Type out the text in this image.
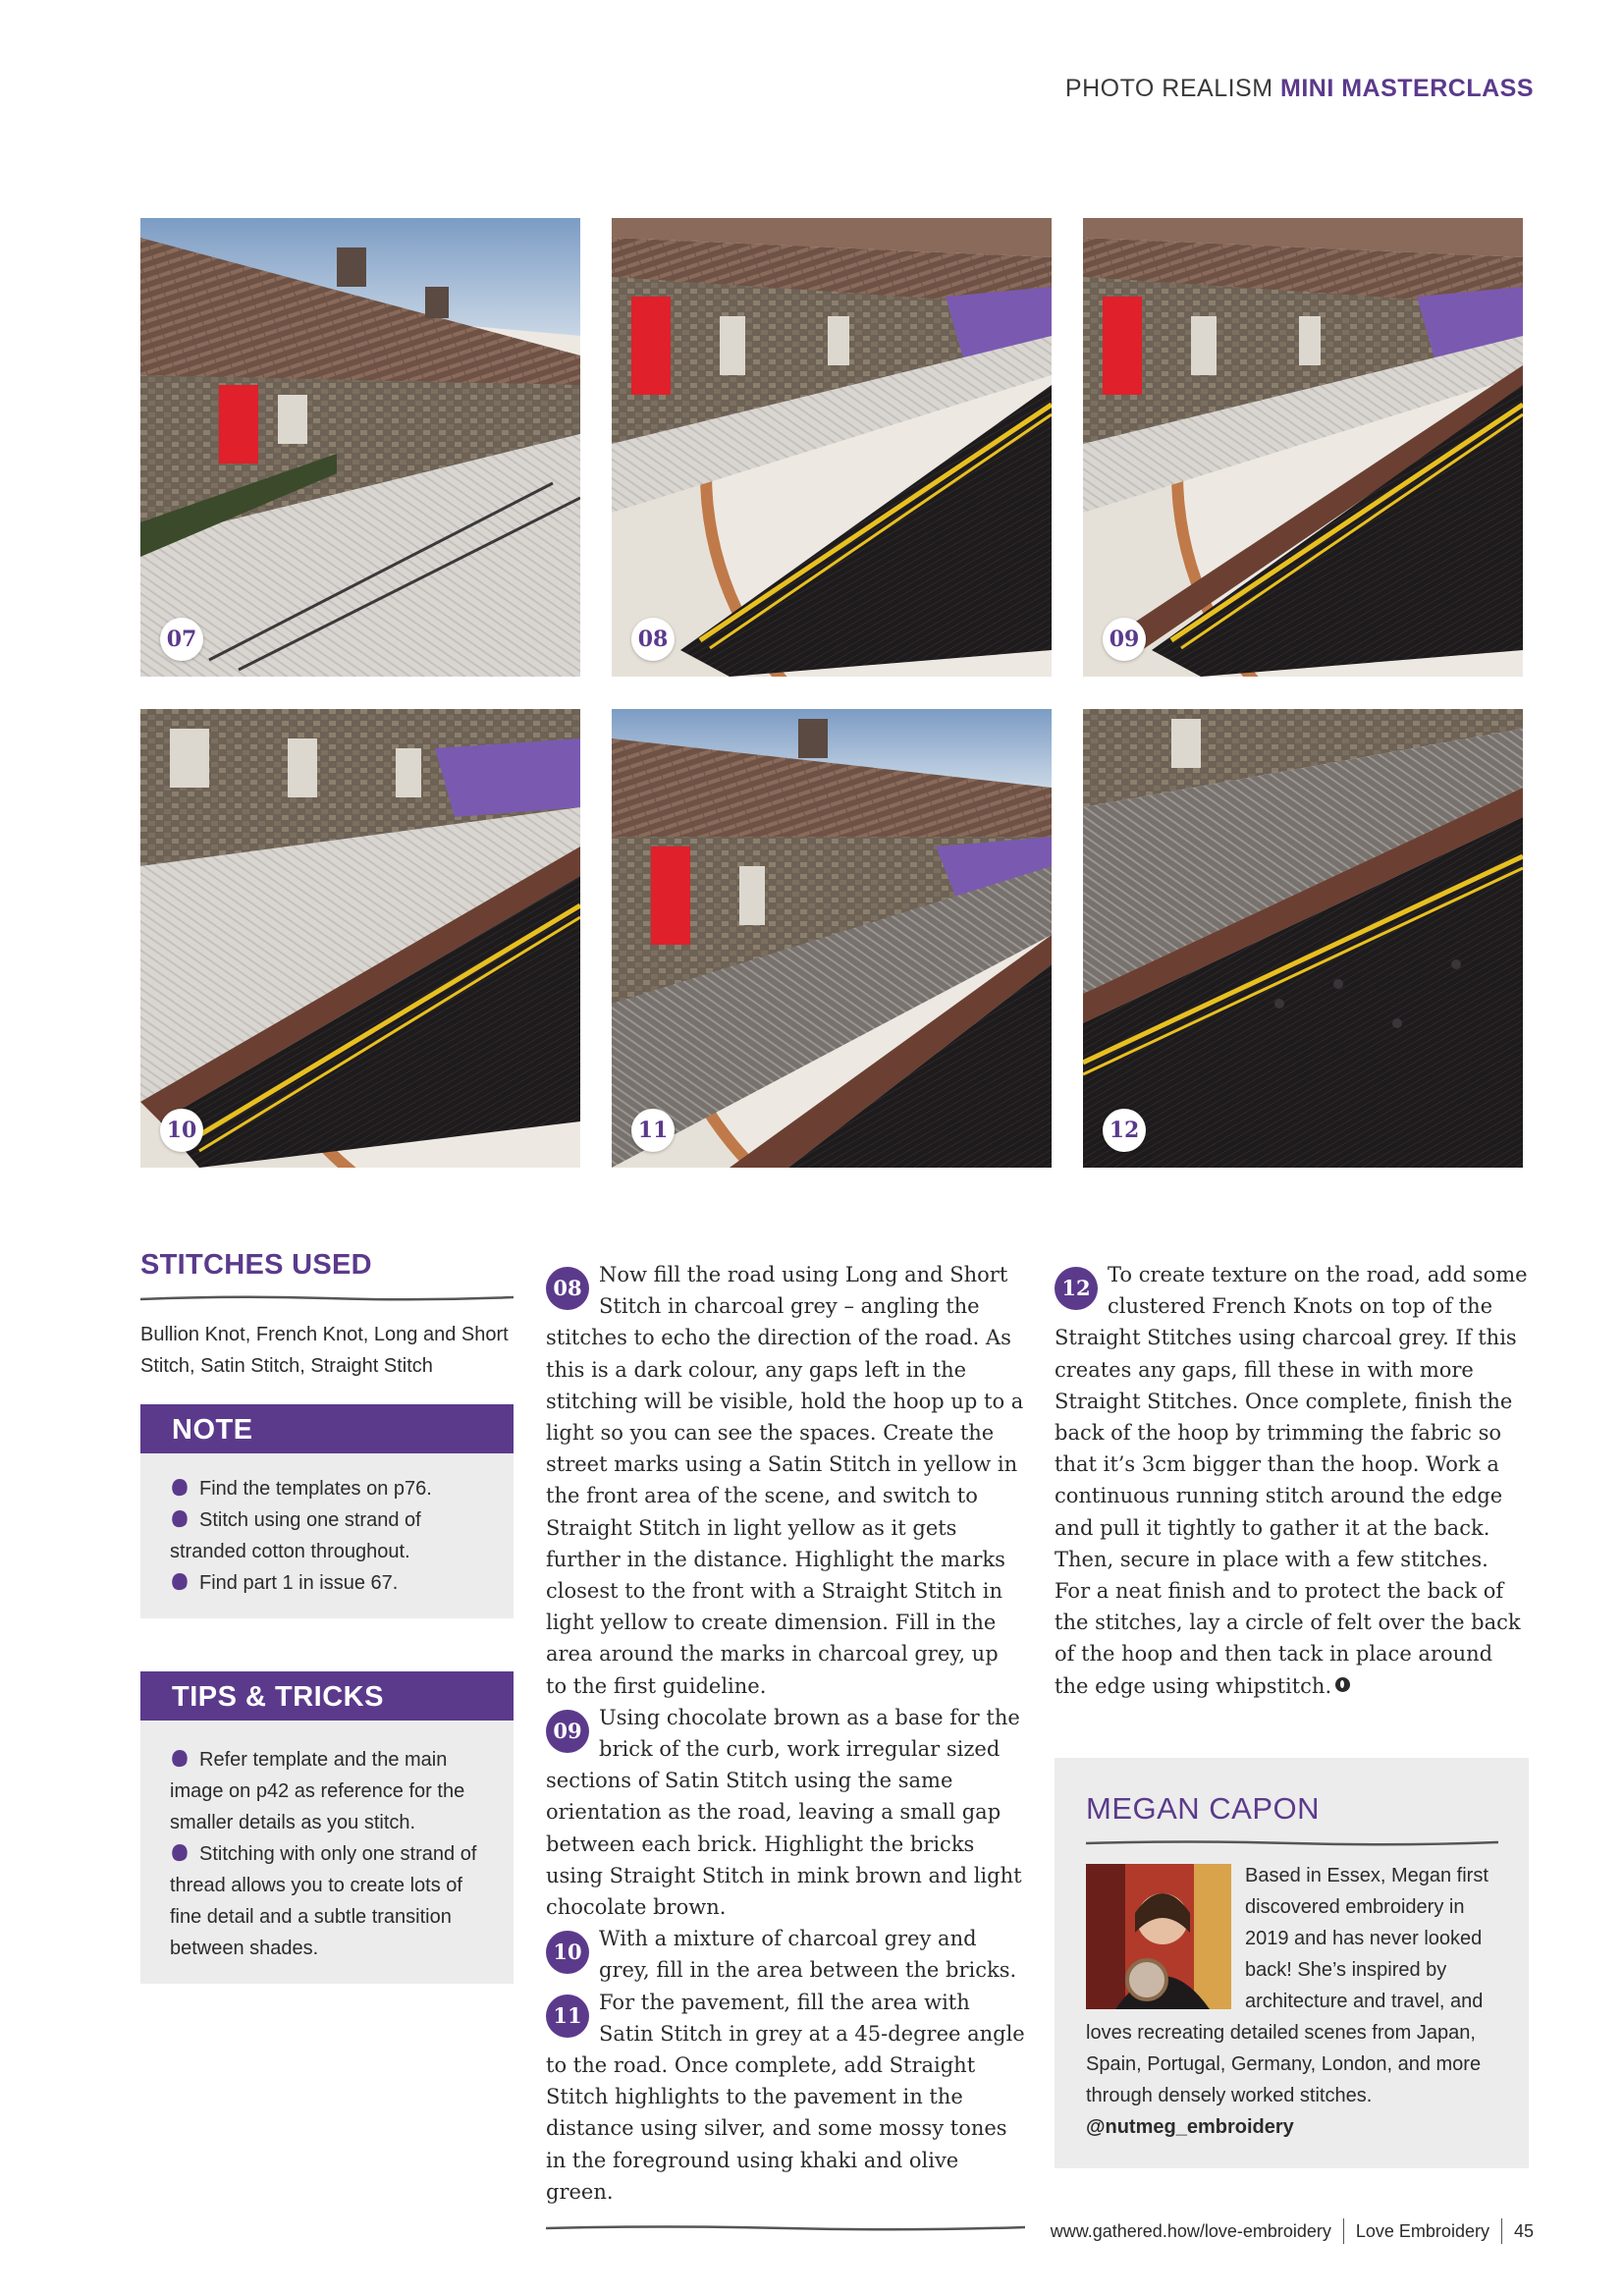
PHOTO REALISM MINI MASTERCLASS
07	08	09
10	11	12
STITCHES USED
Bullion Knot, French Knot, Long and Short Stitch, Satin Stitch, Straight Stitch
NOTE
Find the templates on p76.
Stitch using one strand of stranded cotton throughout.
Find part 1 in issue 67.
TIPS & TRICKS
Refer template and the main image on p42 as reference for the smaller details as you stitch.
Stitching with only one strand of thread allows you to create lots of fine detail and a subtle transition between shades.

08
Now fill the road using Long and Short Stitch in charcoal grey – angling the stitches to echo the direction of the road. As this is a dark colour, any gaps left in the stitching will be visible, hold the hoop up to a light so you can see the spaces. Create the street marks using a Satin Stitch in yellow in the front area of the scene, and switch to Straight Stitch in light yellow as it gets further in the distance. Highlight the marks closest to the front with a Straight Stitch in light yellow to create dimension. Fill in the area around the marks in charcoal grey, up to the first guideline.

09
Using chocolate brown as a base for the brick of the curb, work irregular sized sections of Satin Stitch using the same orientation as the road, leaving a small gap between each brick. Highlight the bricks using Straight Stitch in mink brown and light chocolate brown.

10
With a mixture of charcoal grey and grey, fill in the area between the bricks.

11
For the pavement, fill the area with Satin Stitch in grey at a 45-degree angle to the road. Once complete, add Straight Stitch highlights to the pavement in the distance using silver, and some mossy tones in the foreground using khaki and olive green.

12
To create texture on the road, add some clustered French Knots on top of the Straight Stitches using charcoal grey. If this creates any gaps, fill these in with more Straight Stitches. Once complete, finish the back of the hoop by trimming the fabric so that it’s 3cm bigger than the hoop. Work a continuous running stitch around the edge and pull it tightly to gather it at the back. Then, secure in place with a few stitches. For a neat finish and to protect the back of the stitches, lay a circle of felt over the back of the hoop and then tack in place around the edge using whipstitch.

MEGAN CAPON
Based in Essex, Megan first discovered embroidery in 2019 and has never looked back! She’s inspired by architecture and travel, and loves recreating detailed scenes from Japan, Spain, Portugal, Germany, London, and more through densely worked stitches.
@nutmeg_embroidery
www.gathered.how/love-embroidery Love Embroidery 45
